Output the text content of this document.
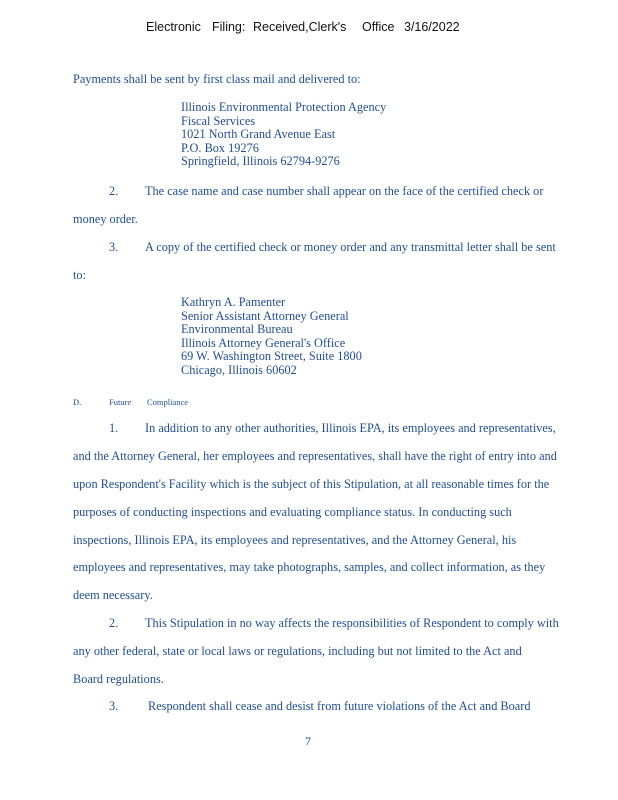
Electronic Filing: Received,Clerk's Office 3/16/2022
Payments shall be sent by first class mail and delivered to:
Illinois Environmental Protection Agency
Fiscal Services
1021 North Grand Avenue East
P.O. Box 19276
Springfield, Illinois 62794-9276
2. The case name and case number shall appear on the face of the certified check or
money order.
3. A copy of the certified check or money order and any transmittal letter shall be sent
to:
Kathryn A. Pamenter
Senior Assistant Attorney General
Environmental Bureau
Illinois Attorney General's Office
69 W. Washington Street, Suite 1800
Chicago, Illinois 60602
D.	Future Compliance
1. In addition to any other authorities, Illinois EPA, its employees and representatives,
and the Attorney General, her employees and representatives, shall have the right of entry into and
upon Respondent's Facility which is the subject of this Stipulation, at all reasonable times for the
purposes of conducting inspections and evaluating compliance status. In conducting such
inspections, Illinois EPA, its employees and representatives, and the Attorney General, his
employees and representatives, may take photographs, samples, and collect information, as they
deem necessary.
2. This Stipulation in no way affects the responsibilities of Respondent to comply with
any other federal, state or local laws or regulations, including but not limited to the Act and
Board regulations.
3. Respondent shall cease and desist from future violations of the Act and Board
7
